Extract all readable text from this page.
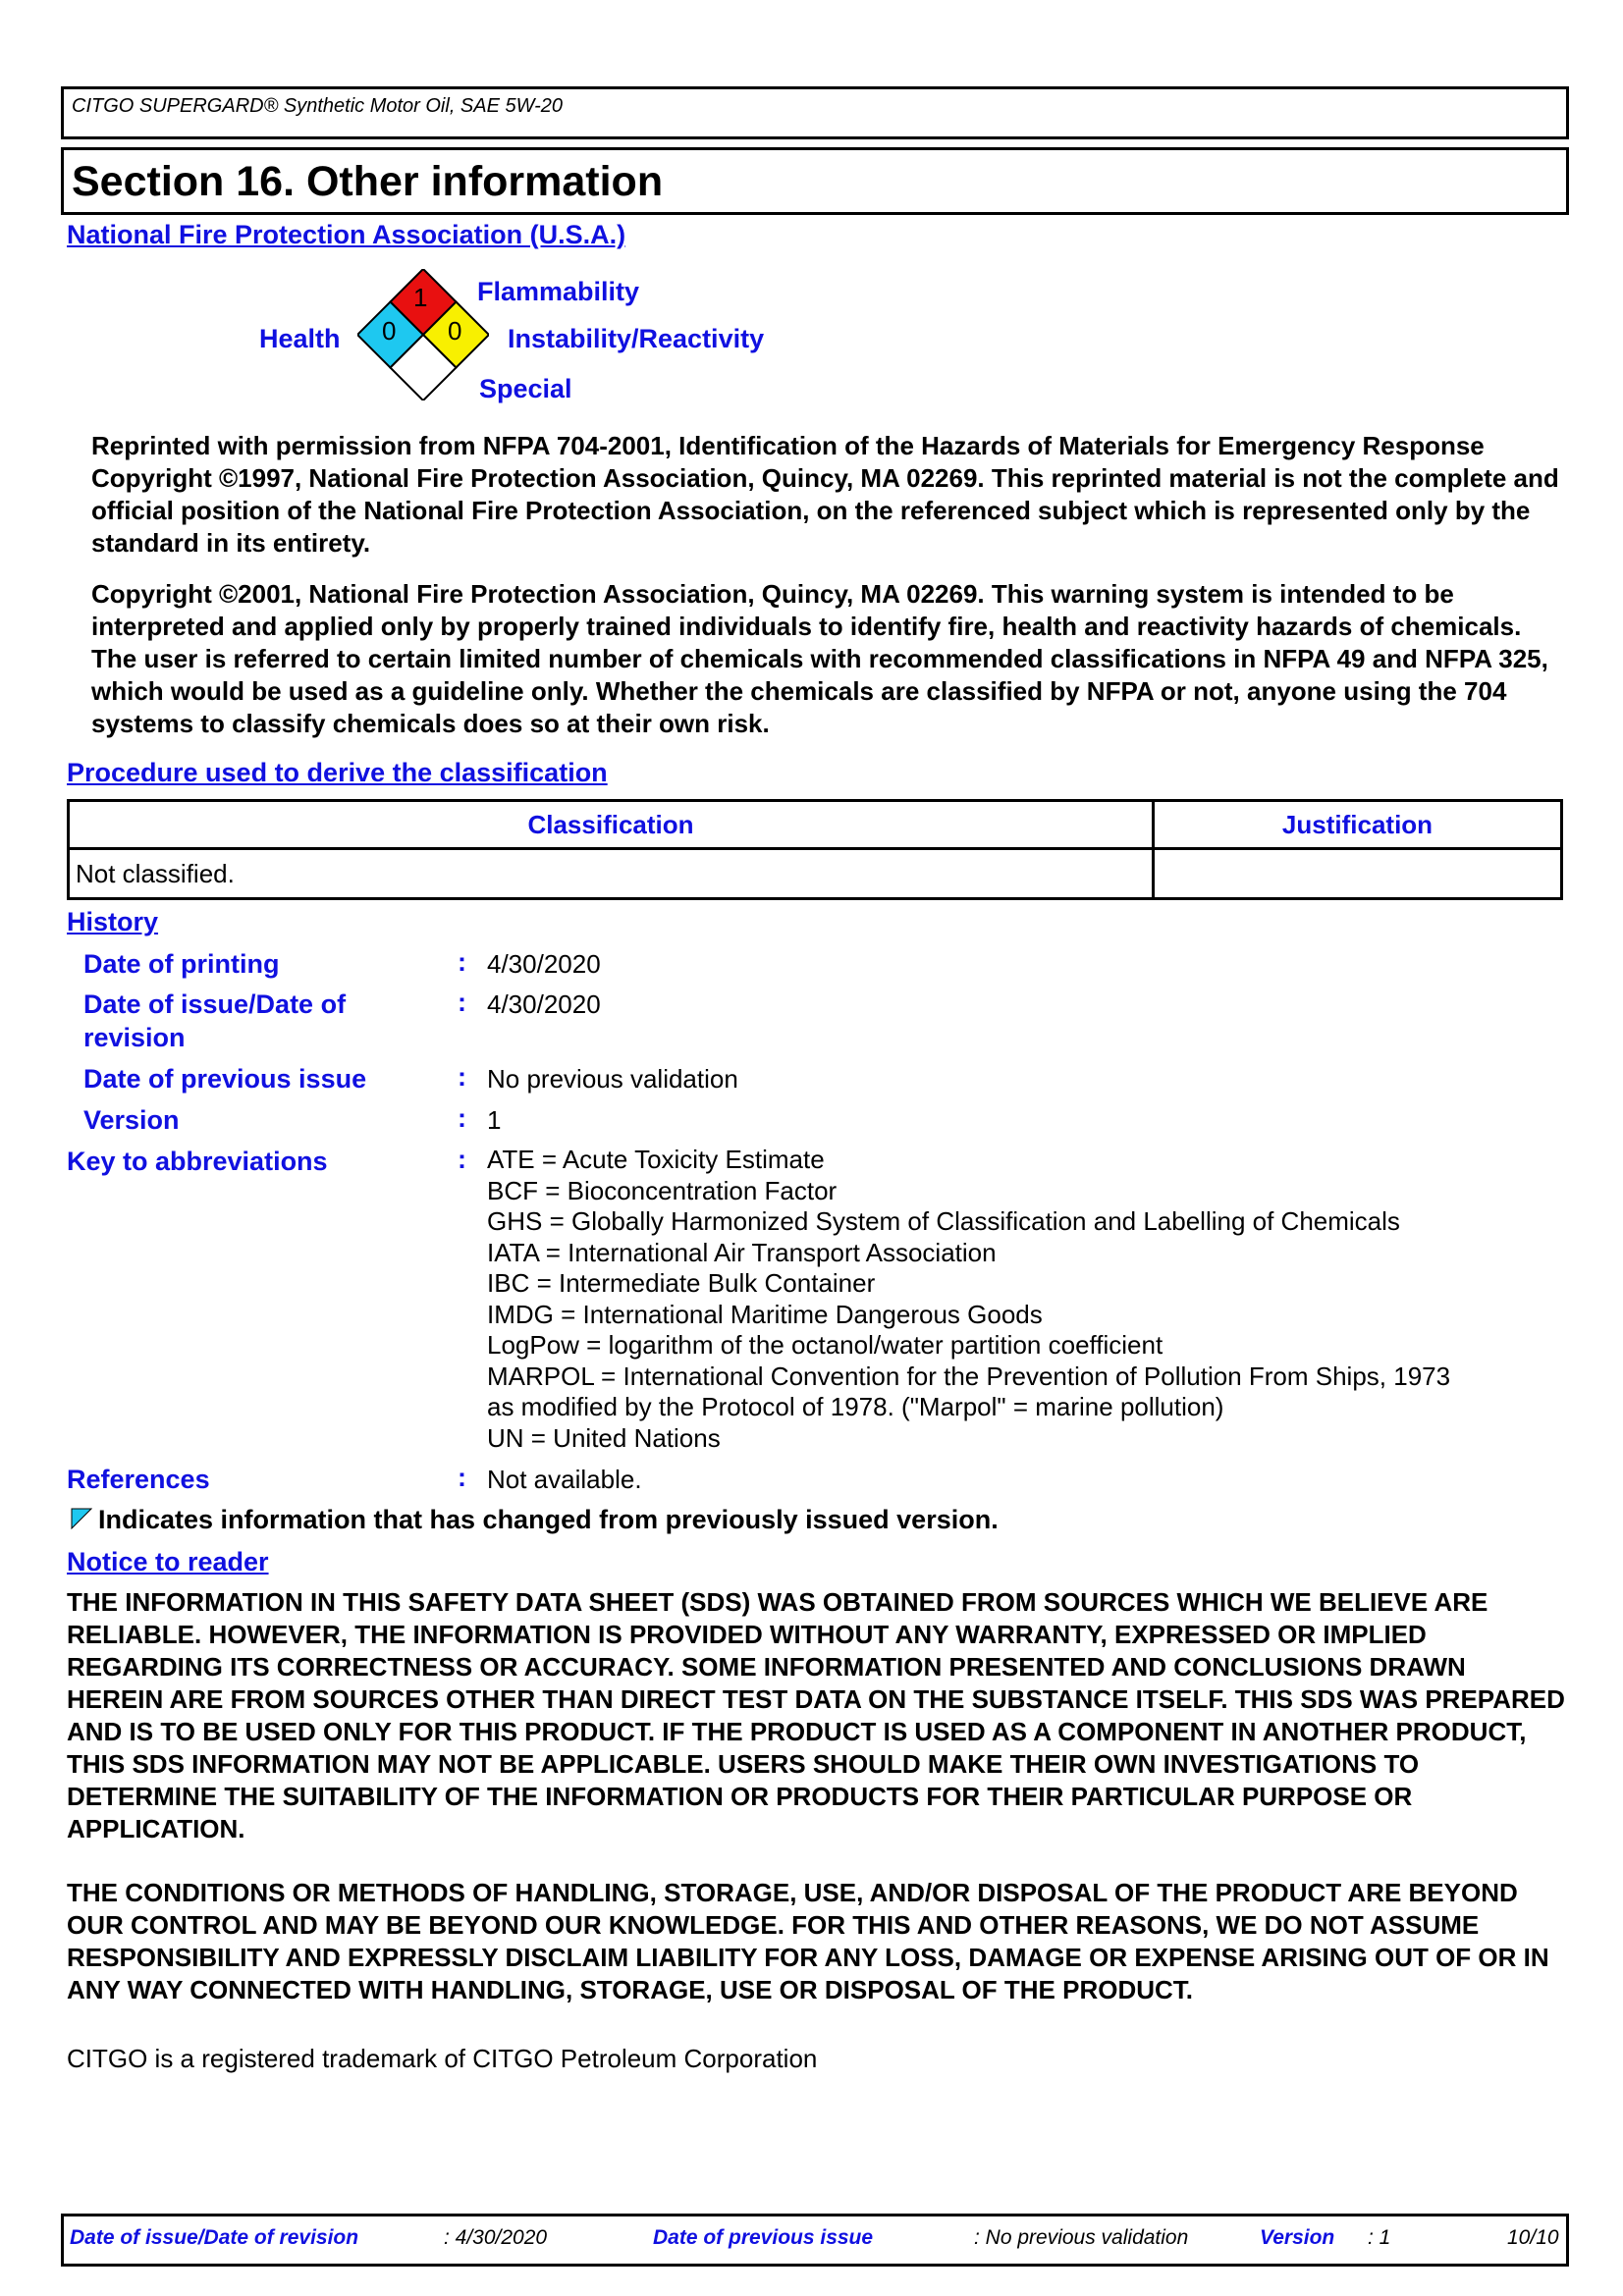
CITGO SUPERGARD® Synthetic Motor Oil, SAE 5W-20
Section 16. Other information
National Fire Protection Association (U.S.A.)
1
0 0
Health
Flammability
Instability/Reactivity
Special
Reprinted with permission from NFPA 704-2001, Identification of the Hazards of Materials for Emergency Response Copyright ©1997, National Fire Protection Association, Quincy, MA 02269. This reprinted material is not the complete and official position of the National Fire Protection Association, on the referenced subject which is represented only by the standard in its entirety.
Copyright ©2001, National Fire Protection Association, Quincy, MA 02269. This warning system is intended to be interpreted and applied only by properly trained individuals to identify fire, health and reactivity hazards of chemicals. The user is referred to certain limited number of chemicals with recommended classifications in NFPA 49 and NFPA 325, which would be used as a guideline only. Whether the chemicals are classified by NFPA or not, anyone using the 704 systems to classify chemicals does so at their own risk.
Procedure used to derive the classification
Classification	Justification
Not classified.	
History
Date of printing	: 4/30/2020
Date of issue/Date of revision
: 4/30/2020
Date of previous issue	: No previous validation
Version	: 1
Key to abbreviations	: ATE = Acute Toxicity Estimate
BCF = Bioconcentration Factor
GHS = Globally Harmonized System of Classification and Labelling of Chemicals
IATA = International Air Transport Association
IBC = Intermediate Bulk Container
IMDG = International Maritime Dangerous Goods
LogPow = logarithm of the octanol/water partition coefficient
MARPOL = International Convention for the Prevention of Pollution From Ships, 1973
as modified by the Protocol of 1978. ("Marpol" = marine pollution)
UN = United Nations
References	: Not available.
Indicates information that has changed from previously issued version.
Notice to reader
THE INFORMATION IN THIS SAFETY DATA SHEET (SDS) WAS OBTAINED FROM SOURCES WHICH WE BELIEVE ARE RELIABLE. HOWEVER, THE INFORMATION IS PROVIDED WITHOUT ANY WARRANTY, EXPRESSED OR IMPLIED REGARDING ITS CORRECTNESS OR ACCURACY. SOME INFORMATION PRESENTED AND CONCLUSIONS DRAWN HEREIN ARE FROM SOURCES OTHER THAN DIRECT TEST DATA ON THE SUBSTANCE ITSELF. THIS SDS WAS PREPARED AND IS TO BE USED ONLY FOR THIS PRODUCT. IF THE PRODUCT IS USED AS A COMPONENT IN ANOTHER PRODUCT, THIS SDS INFORMATION MAY NOT BE APPLICABLE. USERS SHOULD MAKE THEIR OWN INVESTIGATIONS TO DETERMINE THE SUITABILITY OF THE INFORMATION OR PRODUCTS FOR THEIR PARTICULAR PURPOSE OR APPLICATION.
THE CONDITIONS OR METHODS OF HANDLING, STORAGE, USE, AND/OR DISPOSAL OF THE PRODUCT ARE BEYOND OUR CONTROL AND MAY BE BEYOND OUR KNOWLEDGE. FOR THIS AND OTHER REASONS, WE DO NOT ASSUME RESPONSIBILITY AND EXPRESSLY DISCLAIM LIABILITY FOR ANY LOSS, DAMAGE OR EXPENSE ARISING OUT OF OR IN ANY WAY CONNECTED WITH HANDLING, STORAGE, USE OR DISPOSAL OF THE PRODUCT.
CITGO is a registered trademark of CITGO Petroleum Corporation
Date of issue/Date of revision	: 4/30/2020	Date of previous issue	: No previous validation	Version : 1	10/10
